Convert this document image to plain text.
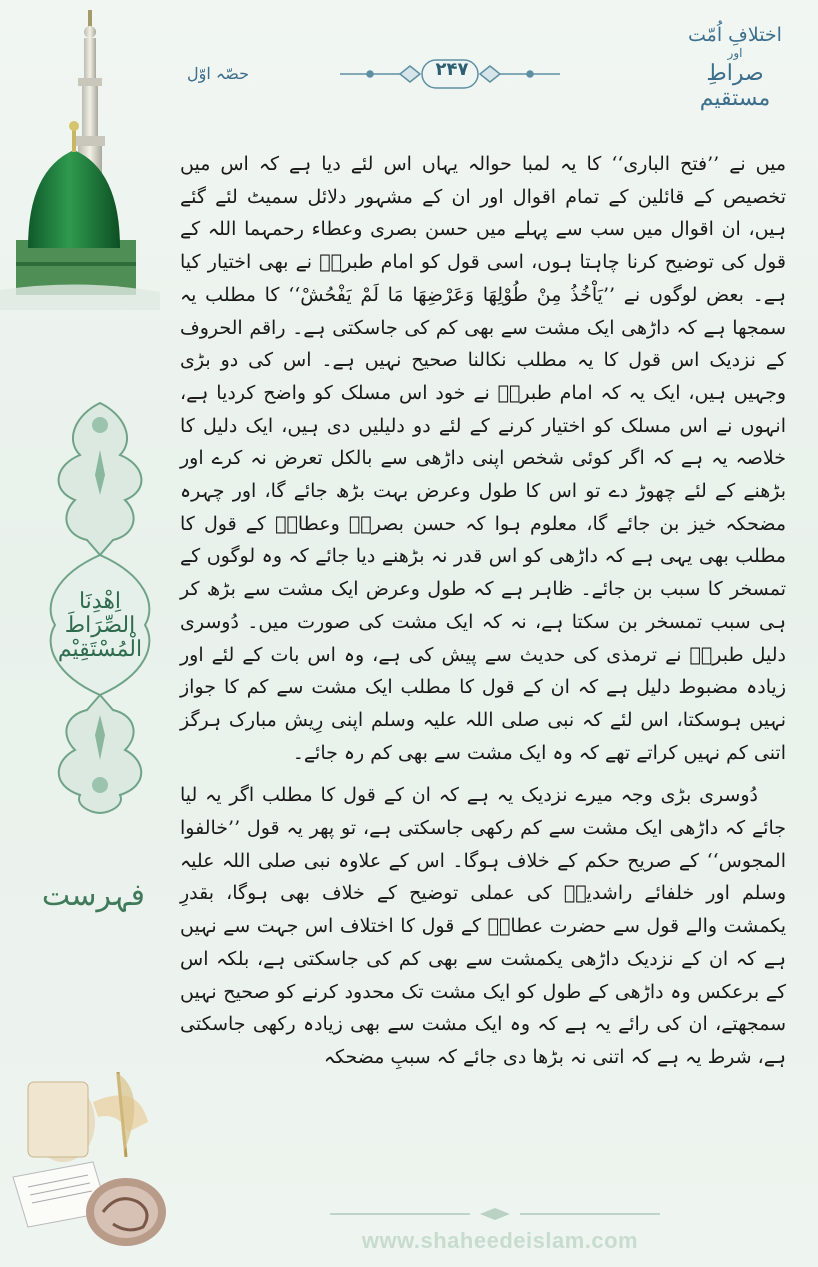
اِھْدِنَا الصِّرَاطَ الْمُسْتَقِیْم
فہرست
حصّہ اوّل	۲۴۷
اختلافِ اُمّت
اور
صراطِ مستقیم

میں نے ’’فتح الباری‘‘ کا یہ لمبا حوالہ یہاں اس لئے دیا ہے کہ اس میں تخصیص کے قائلین کے تمام اقوال اور ان کے مشہور دلائل سمیٹ لئے گئے ہیں، ان اقوال میں سب سے پہلے میں حسن بصری وعطاء رحمہما اللہ کے قول کی توضیح کرنا چاہتا ہوں، اسی قول کو امام طبریؒ نے بھی اختیار کیا ہے۔ بعض لوگوں نے ’’یَاْخُذُ مِنْ طُوْلِھَا وَعَرْضِھَا مَا لَمْ یَفْحُشْ‘‘ کا مطلب یہ سمجھا ہے کہ داڑھی ایک مشت سے بھی کم کی جاسکتی ہے۔ راقم الحروف کے نزدیک اس قول کا یہ مطلب نکالنا صحیح نہیں ہے۔ اس کی دو بڑی وجہیں ہیں، ایک یہ کہ امام طبریؒ نے خود اس مسلک کو واضح کردیا ہے، انہوں نے اس مسلک کو اختیار کرنے کے لئے دو دلیلیں دی ہیں، ایک دلیل کا خلاصہ یہ ہے کہ اگر کوئی شخص اپنی داڑھی سے بالکل تعرض نہ کرے اور بڑھنے کے لئے چھوڑ دے تو اس کا طول وعرض بہت بڑھ جائے گا، اور چہرہ مضحکہ خیز بن جائے گا، معلوم ہوا کہ حسن بصریؒ وعطاءؒ کے قول کا مطلب بھی یہی ہے کہ داڑھی کو اس قدر نہ بڑھنے دیا جائے کہ وہ لوگوں کے تمسخر کا سبب بن جائے۔ ظاہر ہے کہ طول وعرض ایک مشت سے بڑھ کر ہی سبب تمسخر بن سکتا ہے، نہ کہ ایک مشت کی صورت میں۔ دُوسری دلیل طبریؒ نے ترمذی کی حدیث سے پیش کی ہے، وہ اس بات کے لئے اور زیادہ مضبوط دلیل ہے کہ ان کے قول کا مطلب ایک مشت سے کم کا جواز نہیں ہوسکتا، اس لئے کہ نبی صلی اللہ علیہ وسلم اپنی رِیش مبارک ہرگز اتنی کم نہیں کراتے تھے کہ وہ ایک مشت سے بھی کم رہ جائے۔

دُوسری بڑی وجہ میرے نزدیک یہ ہے کہ ان کے قول کا مطلب اگر یہ لیا جائے کہ داڑھی ایک مشت سے کم رکھی جاسکتی ہے، تو پھر یہ قول ’’خالفوا المجوس‘‘ کے صریح حکم کے خلاف ہوگا۔ اس کے علاوہ نبی صلی اللہ علیہ وسلم اور خلفائے راشدینؓ کی عملی توضیح کے خلاف بھی ہوگا، بقدرِ یکمشت والے قول سے حضرت عطاءؒ کے قول کا اختلاف اس جہت سے نہیں ہے کہ ان کے نزدیک داڑھی یکمشت سے بھی کم کی جاسکتی ہے، بلکہ اس کے برعکس وہ داڑھی کے طول کو ایک مشت تک محدود کرنے کو صحیح نہیں سمجھتے، ان کی رائے یہ ہے کہ وہ ایک مشت سے بھی زیادہ رکھی جاسکتی ہے، شرط یہ ہے کہ اتنی نہ بڑھا دی جائے کہ سببِ مضحکہ

www.shaheedeislam.com
